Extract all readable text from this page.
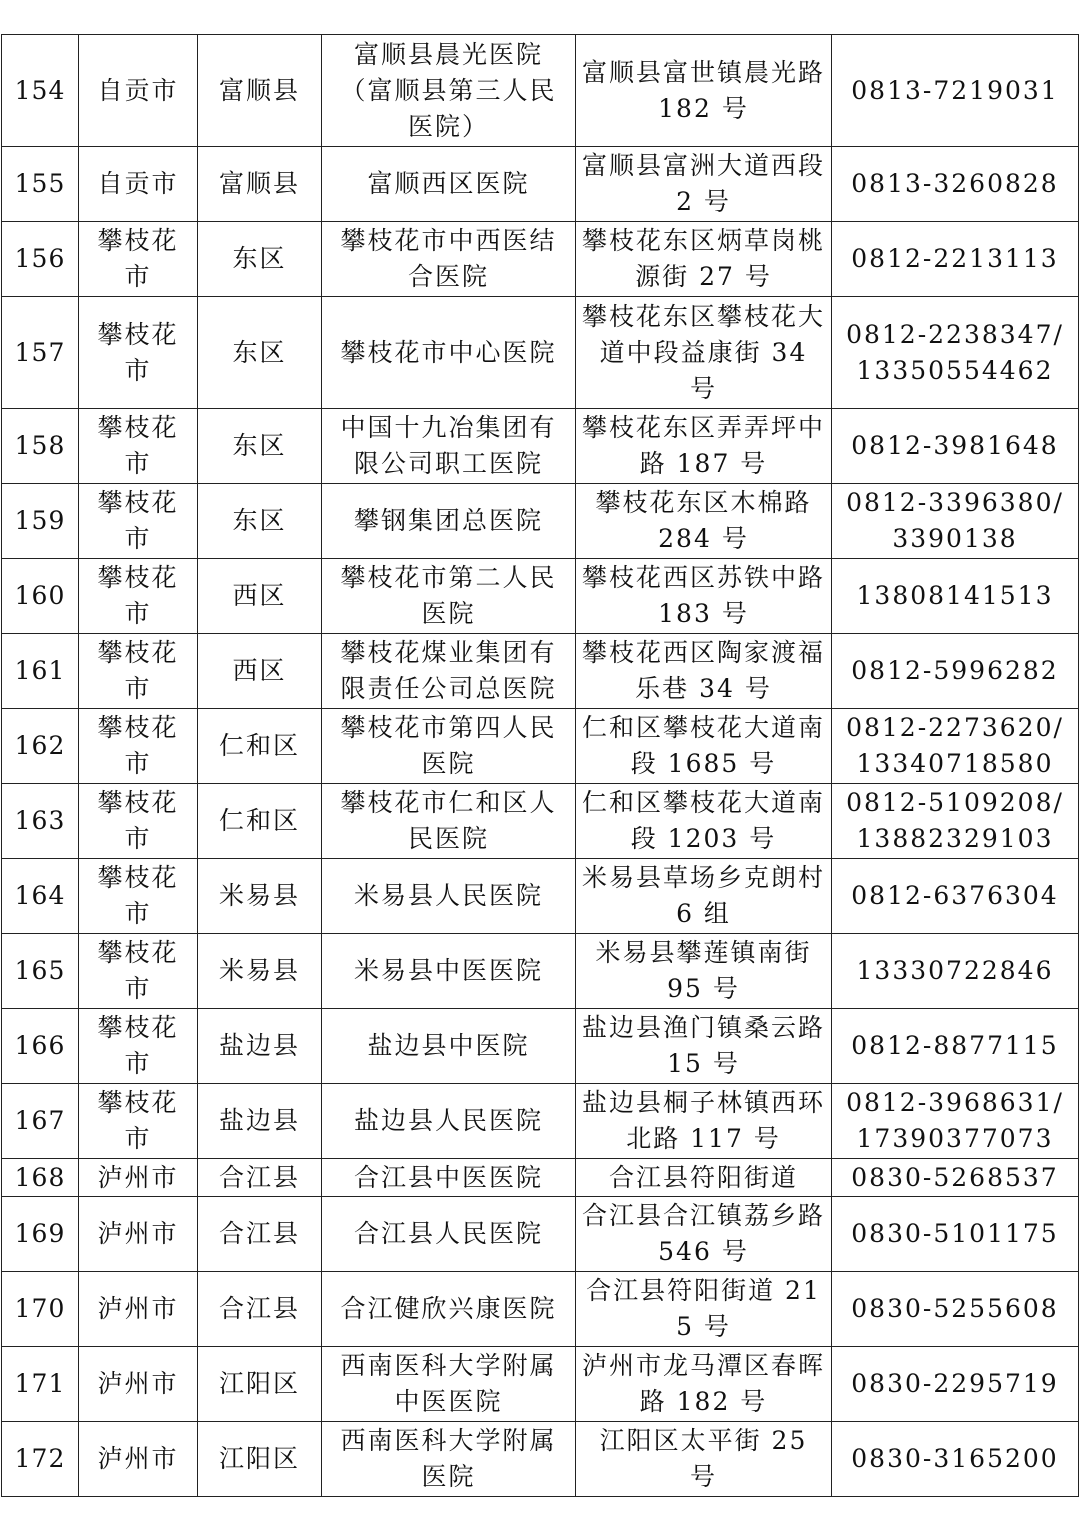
154	自贡市	富顺县	富顺县晨光医院（富顺县第三人民医院）	富顺县富世镇晨光路 182 号	0813-7219031
155	自贡市	富顺县	富顺西区医院	富顺县富洲大道西段 2 号	0813-3260828
156	攀枝花市	东区	攀枝花市中西医结合医院	攀枝花东区炳草岗桃源街 27 号	0812-2213113
157	攀枝花市	东区	攀枝花市中心医院	攀枝花东区攀枝花大道中段益康街 34 号	0812-2238347/13350554462
158	攀枝花市	东区	中国十九冶集团有限公司职工医院	攀枝花东区弄弄坪中路 187 号	0812-3981648
159	攀枝花市	东区	攀钢集团总医院	攀枝花东区木棉路 284 号	0812-3396380/3390138
160	攀枝花市	西区	攀枝花市第二人民医院	攀枝花西区苏铁中路 183 号	13808141513
161	攀枝花市	西区	攀枝花煤业集团有限责任公司总医院	攀枝花西区陶家渡福乐巷 34 号	0812-5996282
162	攀枝花市	仁和区	攀枝花市第四人民医院	仁和区攀枝花大道南段 1685 号	0812-2273620/13340718580
163	攀枝花市	仁和区	攀枝花市仁和区人民医院	仁和区攀枝花大道南段 1203 号	0812-5109208/13882329103
164	攀枝花市	米易县	米易县人民医院	米易县草场乡克朗村 6 组	0812-6376304
165	攀枝花市	米易县	米易县中医医院	米易县攀莲镇南街 95 号	13330722846
166	攀枝花市	盐边县	盐边县中医院	盐边县渔门镇桑云路 15 号	0812-8877115
167	攀枝花市	盐边县	盐边县人民医院	盐边县桐子林镇西环北路 117 号	0812-3968631/17390377073
168	泸州市	合江县	合江县中医医院	合江县符阳街道	0830-5268537
169	泸州市	合江县	合江县人民医院	合江县合江镇荔乡路 546 号	0830-5101175
170	泸州市	合江县	合江健欣兴康医院	合江县符阳街道 215 号	0830-5255608
171	泸州市	江阳区	西南医科大学附属中医医院	泸州市龙马潭区春晖路 182 号	0830-2295719
172	泸州市	江阳区	西南医科大学附属医院	江阳区太平街 25 号	0830-3165200
